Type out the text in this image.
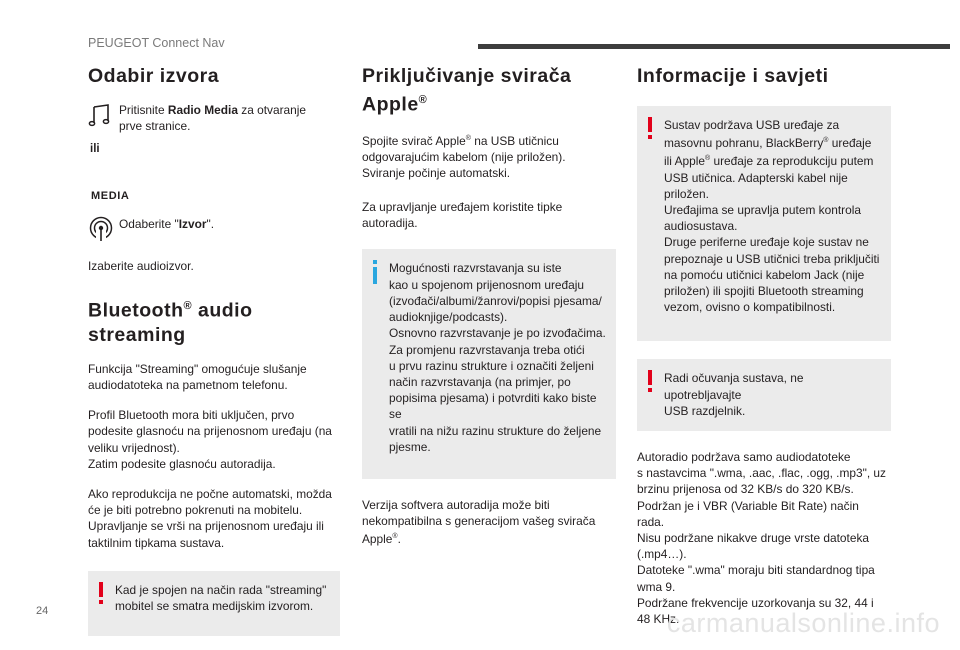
PEUGEOT Connect Nav
Odabir izvora

Pritisnite Radio Media za otvaranje
prve stranice.

ili
MEDIA

Odaberite "Izvor".

Izaberite audioizvor.

Bluetooth® audio streaming

Funkcija "Streaming" omogućuje slušanje
audiodatoteka na pametnom telefonu.

Profil Bluetooth mora biti uključen, prvo
podesite glasnoću na prijenosnom uređaju (na
veliku vrijednost).
Zatim podesite glasnoću autoradija.

Ako reprodukcija ne počne automatski, možda
će je biti potrebno pokrenuti na mobitelu.
Upravljanje se vrši na prijenosnom uređaju ili
taktilnim tipkama sustava.

Kad je spojen na način rada "streaming"
mobitel se smatra medijskim izvorom.
Priključivanje svirača Apple®

Spojite svirač Apple® na USB utičnicu
odgovarajućim kabelom (nije priložen).
Sviranje počinje automatski.

Za upravljanje uređajem koristite tipke
autoradija.

Mogućnosti razvrstavanja su iste
kao u spojenom prijenosnom uređaju
(izvođači/albumi/žanrovi/popisi pjesama/
audioknjige/podcasts).
Osnovno razvrstavanje je po izvođačima.
Za promjenu razvrstavanja treba otići
u prvu razinu strukture i označiti željeni
način razvrstavanja (na primjer, po
popisima pjesama) i potvrditi kako biste se
vratili na nižu razinu strukture do željene
pjesme.

Verzija softvera autoradija može biti
nekompatibilna s generacijom vašeg svirača
Apple®.

Informacije i savjeti
Sustav podržava USB uređaje za
masovnu pohranu, BlackBerry® uređaje
ili Apple® uređaje za reprodukciju putem
USB utičnica. Adapterski kabel nije
priložen.
Uređajima se upravlja putem kontrola
audiosustava.
Druge periferne uređaje koje sustav ne
prepoznaje u USB utičnici treba priključiti
na pomoću utičnici kabelom Jack (nije
priložen) ili spojiti Bluetooth streaming
vezom, ovisno o kompatibilnosti.
Radi očuvanja sustava, ne upotrebljavajte
USB razdjelnik.

Autoradio podržava samo audiodatoteke
s nastavcima ".wma, .aac, .flac, .ogg, .mp3", uz
brzinu prijenosa od 32 KB/s do 320 KB/s.
Podržan je i VBR (Variable Bit Rate) način
rada.
Nisu podržane nikakve druge vrste datoteka
(.mp4…).
Datoteke ".wma" moraju biti standardnog tipa
wma 9.
Podržane frekvencije uzorkovanja su 32, 44 i
48 KHz.

24	carmanualsonline.info
